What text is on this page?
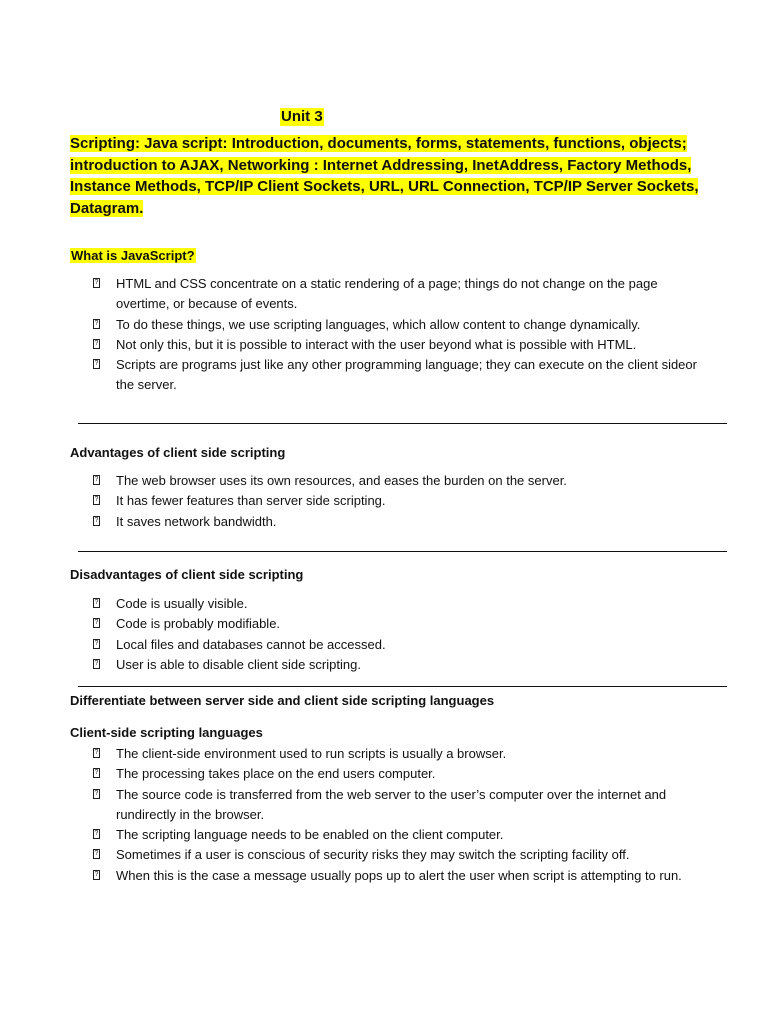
Unit 3

Scripting: Java script: Introduction, documents, forms, statements, functions, objects; introduction to AJAX, Networking : Internet Addressing, InetAddress, Factory Methods, Instance Methods, TCP/IP Client Sockets, URL, URL Connection, TCP/IP Server Sockets, Datagram.

What is JavaScript?
? HTML and CSS concentrate on a static rendering of a page; things do not change on the page overtime, or because of events.
? To do these things, we use scripting languages, which allow content to change dynamically.
? Not only this, but it is possible to interact with the user beyond what is possible with HTML.
? Scripts are programs just like any other programming language; they can execute on the client sideor the server.
Advantages of client side scripting
? The web browser uses its own resources, and eases the burden on the server.
? It has fewer features than server side scripting.
? It saves network bandwidth.
Disadvantages of client side scripting
? Code is usually visible.
? Code is probably modifiable.
? Local files and databases cannot be accessed.
? User is able to disable client side scripting.
Differentiate between server side and client side scripting languages
Client-side scripting languages
? The client-side environment used to run scripts is usually a browser.
? The processing takes place on the end users computer.
? The source code is transferred from the web server to the user’s computer over the internet and rundirectly in the browser.
? The scripting language needs to be enabled on the client computer.
? Sometimes if a user is conscious of security risks they may switch the scripting facility off.
? When this is the case a message usually pops up to alert the user when script is attempting to run.
